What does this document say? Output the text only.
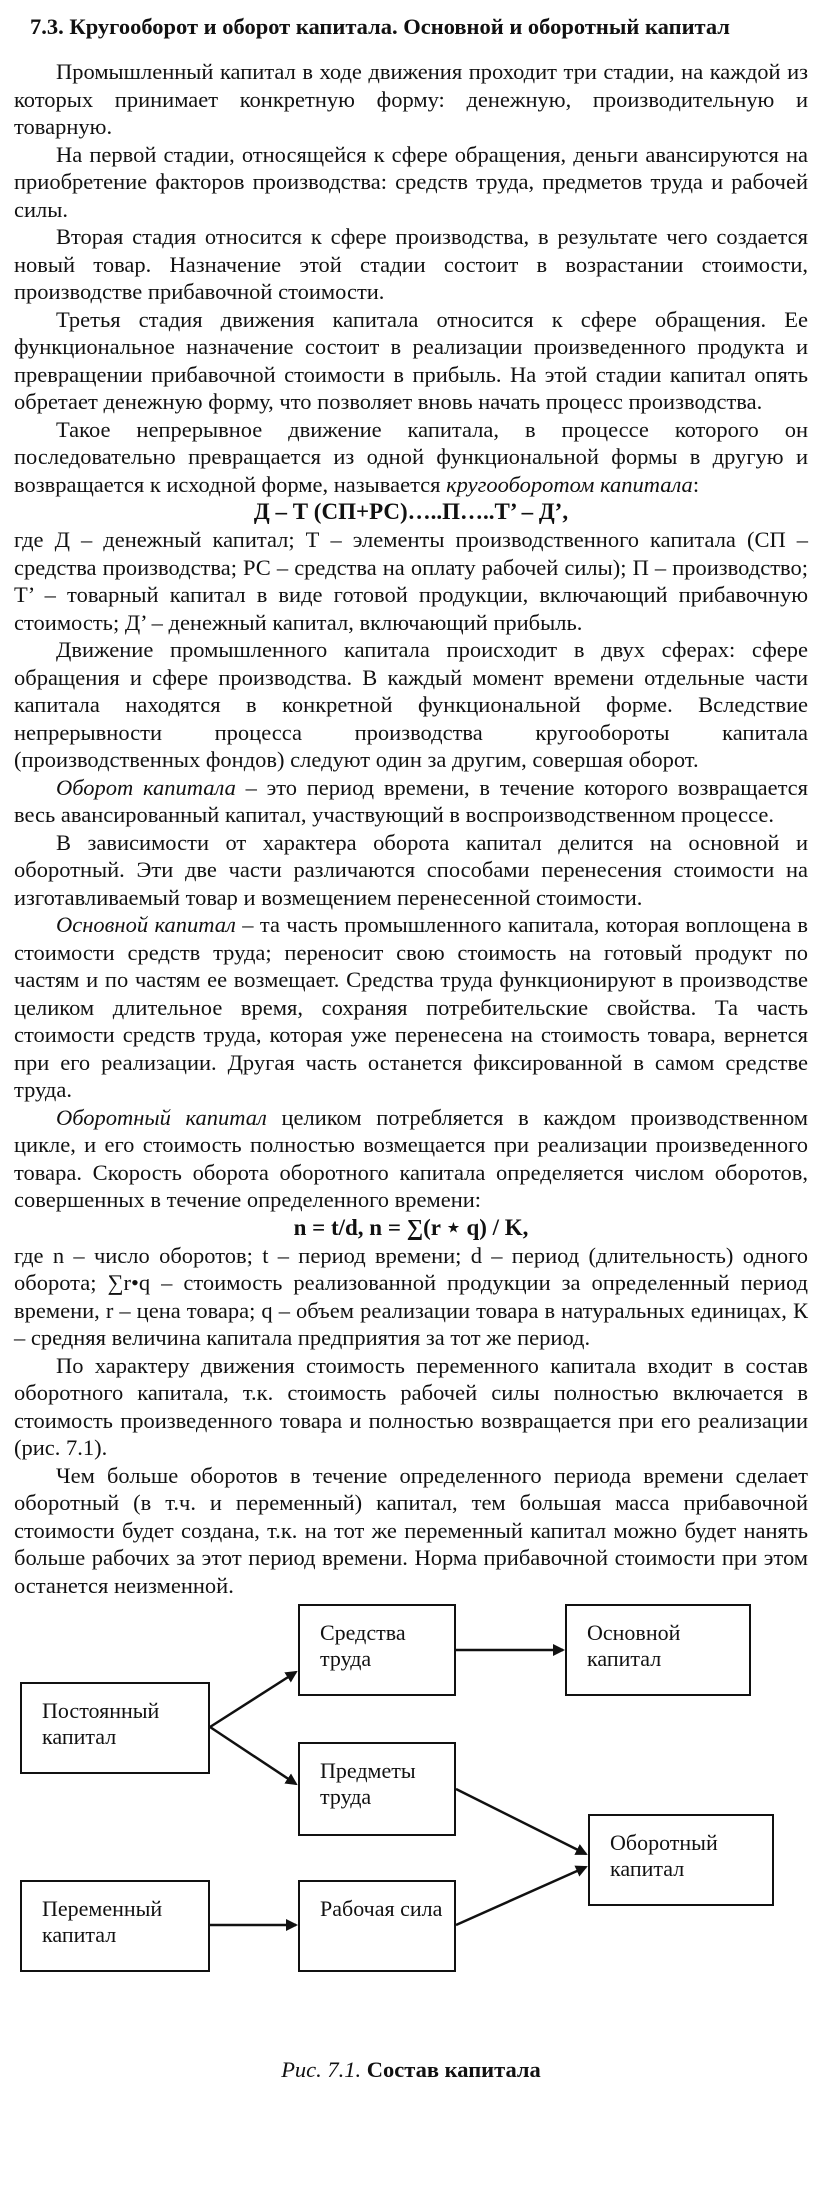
7.3. Кругооборот и оборот капитала. Основной и оборотный капитал

Промышленный капитал в ходе движения проходит три стадии, на каждой из которых принимает конкретную форму: денежную, производительную и товарную.

На первой стадии, относящейся к сфере обращения, деньги авансируются на приобретение факторов производства: средств труда, предметов труда и рабочей силы.

Вторая стадия относится к сфере производства, в результате чего создается новый товар. Назначение этой стадии состоит в возрастании стоимости, производстве прибавочной стоимости.

Третья стадия движения капитала относится к сфере обращения. Ее функциональное назначение состоит в реализации произведенного продукта и превращении прибавочной стоимости в прибыль. На этой стадии капитал опять обретает денежную форму, что позволяет вновь начать процесс производства.

Такое непрерывное движение капитала, в процессе которого он последовательно превращается из одной функциональной формы в другую и возвращается к исходной форме, называется кругооборотом капитала:

Д – Т (СП+РС)…..П…..Т’ – Д’,

где Д – денежный капитал; Т – элементы производственного капитала (СП – средства производства; РС – средства на оплату рабочей силы); П – производство; Т’ – товарный капитал в виде готовой продукции, включающий прибавочную стоимость; Д’ – денежный капитал, включающий прибыль.

Движение промышленного капитала происходит в двух сферах: сфере обращения и сфере производства. В каждый момент времени отдельные части капитала находятся в конкретной функциональной форме. Вследствие непрерывности процесса производства кругообороты капитала (производственных фондов) следуют один за другим, совершая оборот.

Оборот капитала – это период времени, в течение которого возвращается весь авансированный капитал, участвующий в воспроизводственном процессе.

В зависимости от характера оборота капитал делится на основной и оборотный. Эти две части различаются способами перенесения стоимости на изготавливаемый товар и возмещением перенесенной стоимости.

Основной капитал – та часть промышленного капитала, которая воплощена в стоимости средств труда; переносит свою стоимость на готовый продукт по частям и по частям ее возмещает. Средства труда функционируют в производстве целиком длительное время, сохраняя потребительские свойства. Та часть стоимости средств труда, которая уже перенесена на стоимость товара, вернется при его реализации. Другая часть останется фиксированной в самом средстве труда.

Оборотный капитал целиком потребляется в каждом производственном цикле, и его стоимость полностью возмещается при реализации произведенного товара. Скорость оборота оборотного капитала определяется числом оборотов, совершенных в течение определенного времени:

n = t/d, n = ∑(r ⋆ q) / K,

где n – число оборотов; t – период времени; d – период (длительность) одного оборота; ∑r•q – стоимость реализованной продукции за определенный период времени, r – цена товара; q – объем реализации товара в натуральных единицах, К – средняя величина капитала предприятия за тот же период.

По характеру движения стоимость переменного капитала входит в состав оборотного капитала, т.к. стоимость рабочей силы полностью включается в стоимость произведенного товара и полностью возвращается при его реализации (рис. 7.1).

Чем больше оборотов в течение определенного периода времени сделает оборотный (в т.ч. и переменный) капитал, тем большая масса прибавочной стоимости будет создана, т.к. на тот же переменный капитал можно будет нанять больше рабочих за этот период времени. Норма прибавочной стоимости при этом останется неизменной.

Постоянный капитал
Средства труда
Основной капитал
Предметы труда
Оборотный капитал
Переменный капитал
Рабочая сила
Рис. 7.1. Состав капитала
